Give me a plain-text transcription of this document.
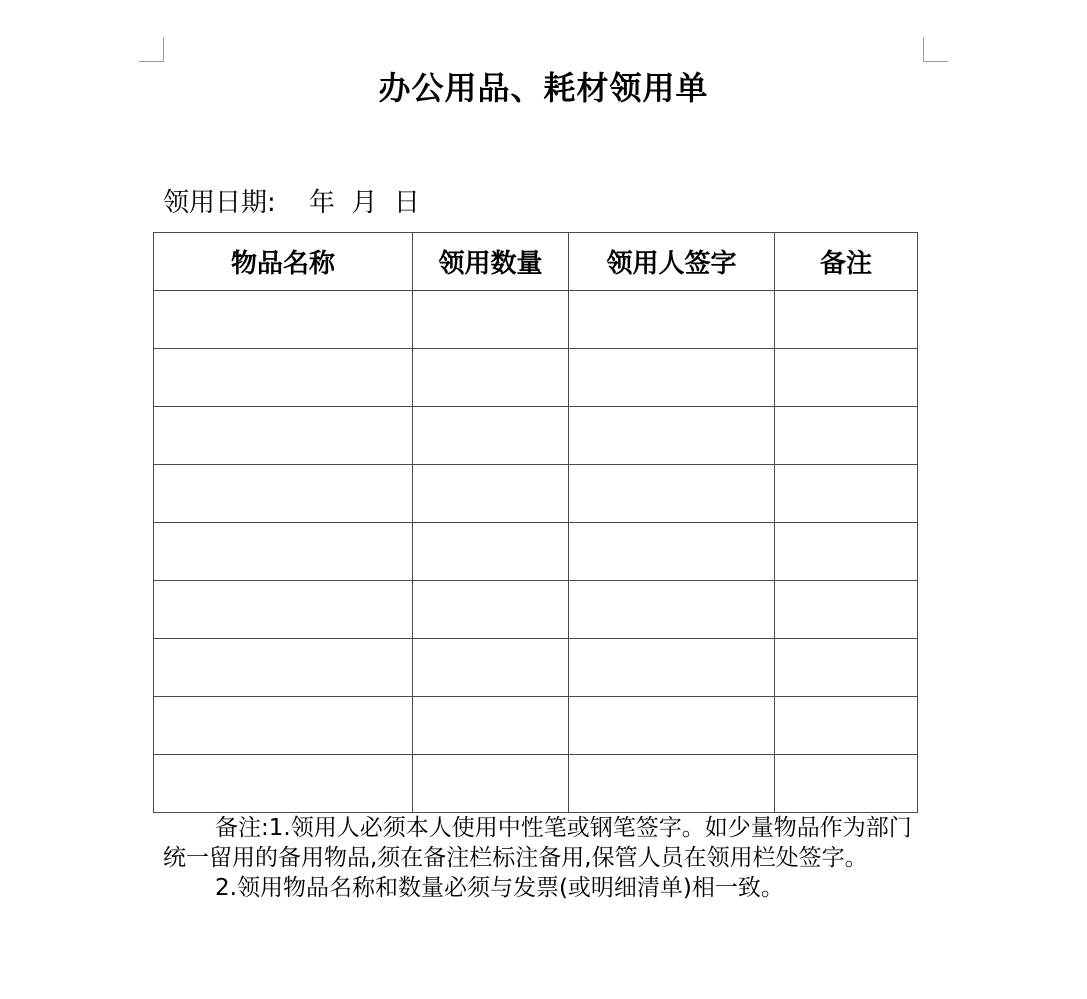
办公用品、耗材领用单
领用日期:    年  月  日
物品名称	领用数量	领用人签字	备注

备注:1.领用人必须本人使用中性笔或钢笔签字。如少量物品作为部门统一留用的备用物品,须在备注栏标注备用,保管人员在领用栏处签字。

2.领用物品名称和数量必须与发票(或明细清单)相一致。
